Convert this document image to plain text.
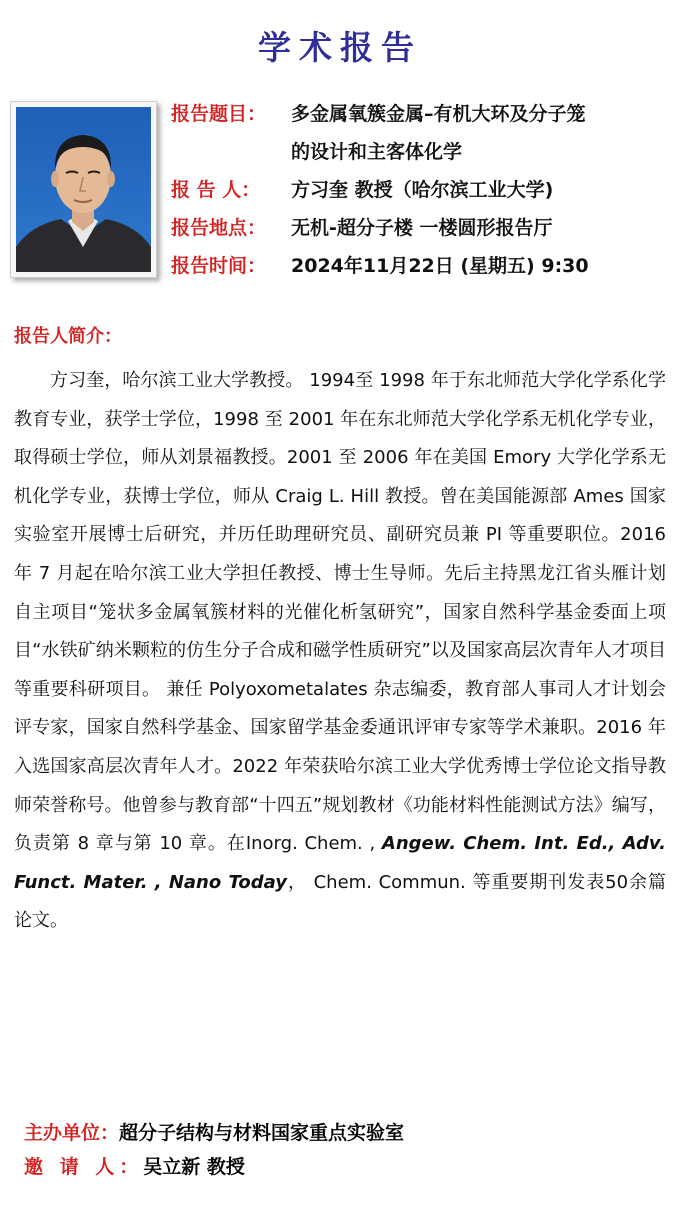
学术报告
报告题目：	多金属氧簇金属–有机大环及分子笼
的设计和主客体化学
报 告 人：	方习奎 教授（哈尔滨工业大学)
报告地点：	无机-超分子楼 一楼圆形报告厅
报告时间：	2024年11月22日 (星期五) 9:30
报告人简介：

方习奎，哈尔滨工业大学教授。 1994至 1998 年于东北师范大学化学系化学教育专业，获学士学位，1998 至 2001 年在东北师范大学化学系无机化学专业，取得硕士学位，师从刘景福教授。2001 至 2006 年在美国 Emory 大学化学系无机化学专业，获博士学位，师从 Craig L. Hill 教授。曾在美国能源部 Ames 国家实验室开展博士后研究，并历任助理研究员、副研究员兼 PI 等重要职位。2016 年 7 月起在哈尔滨工业大学担任教授、博士生导师。先后主持黑龙江省头雁计划自主项目“笼状多金属氧簇材料的光催化析氢研究”，国家自然科学基金委面上项目“水铁矿纳米颗粒的仿生分子合成和磁学性质研究”以及国家高层次青年人才项目等重要科研项目。 兼任 Polyoxometalates 杂志编委，教育部人事司人才计划会评专家，国家自然科学基金、国家留学基金委通讯评审专家等学术兼职。2016 年入选国家高层次青年人才。2022 年荣获哈尔滨工业大学优秀博士学位论文指导教师荣誉称号。他曾参与教育部“十四五”规划教材《功能材料性能测试方法》编写，负责第 8 章与第 10 章。在Inorg. Chem. , Angew. Chem. Int. Ed., Adv. Funct. Mater. , Nano Today， Chem. Commun. 等重要期刊发表50余篇论文。

主办单位：超分子结构与材料国家重点实验室
邀 请 人：吴立新 教授
